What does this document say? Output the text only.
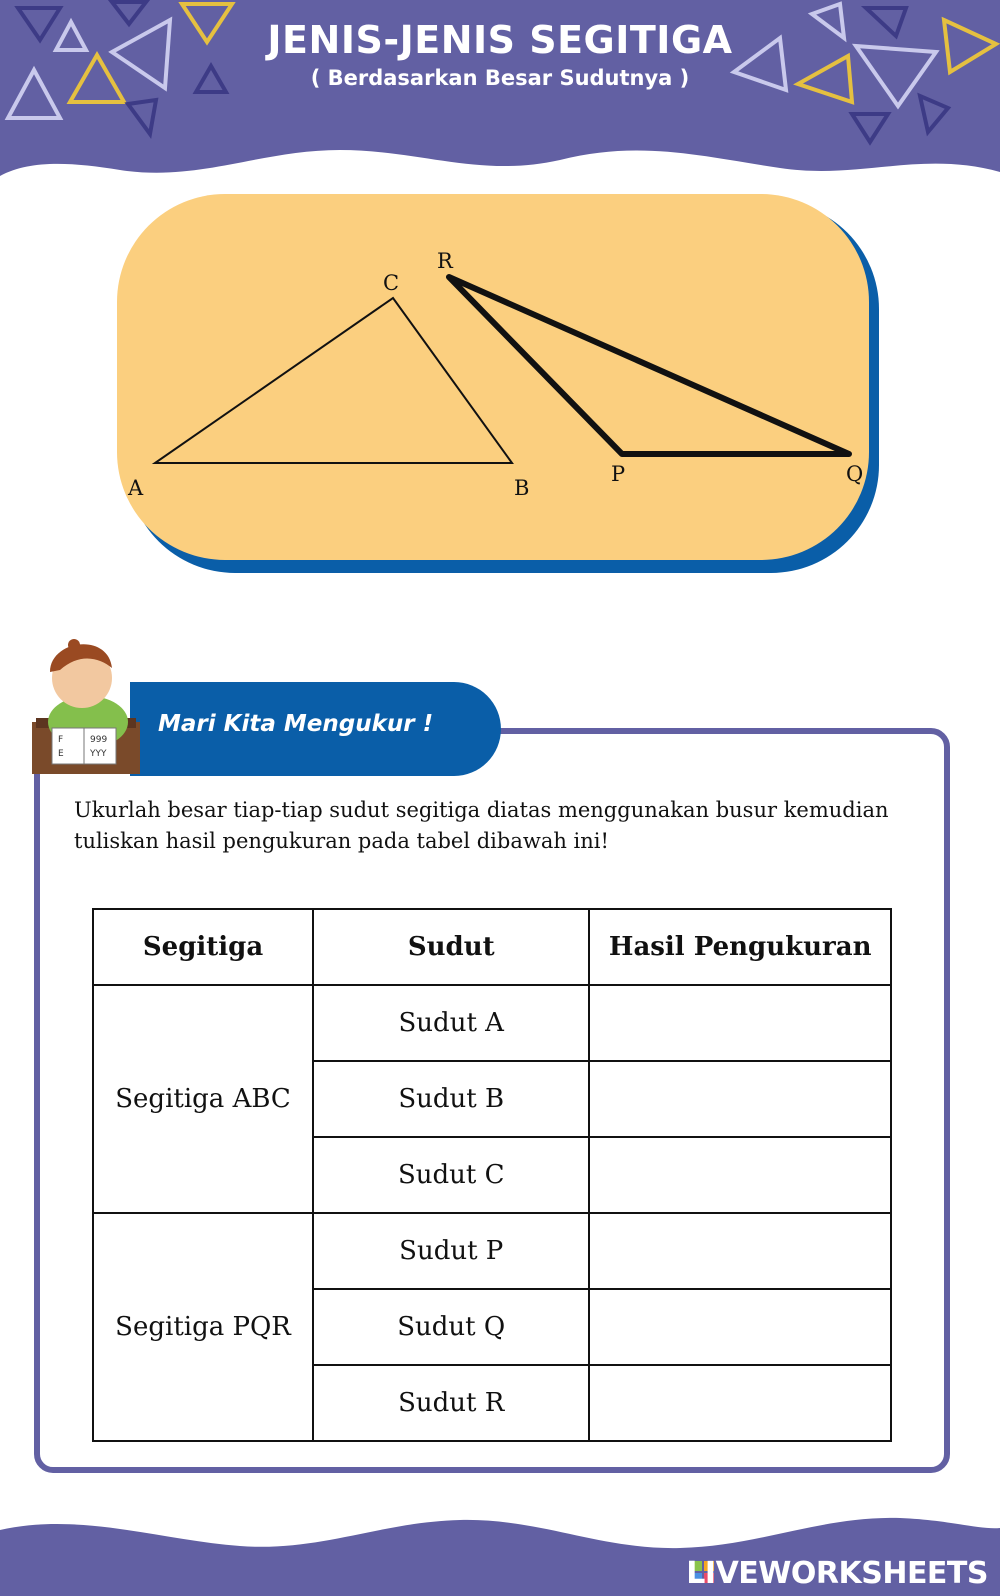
F	999
E	YYY
JENIS-JENIS SEGITIGA
( Berdasarkan Besar Sudutnya )
A	B
C
P	Q
R
Mari Kita Mengukur !
Ukurlah besar tiap-tiap sudut segitiga diatas menggunakan busur kemudian tuliskan hasil pengukuran pada tabel dibawah ini!
Segitiga	Sudut	Hasil Pengukuran
Segitiga ABC	Sudut A	
	Sudut B	
	Sudut C	
Segitiga PQR	Sudut P	
	Sudut Q	
	Sudut R	
LIVEWORKSHEETS
